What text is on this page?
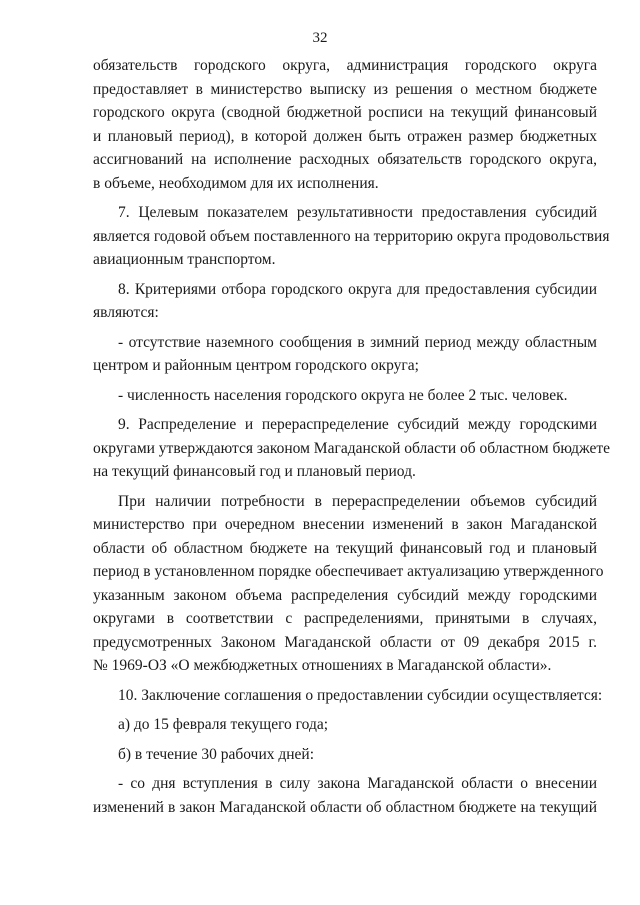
32
обязательств городского округа, администрация городского округа
предоставляет в министерство выписку из решения о местном бюджете
городского округа (сводной бюджетной росписи на текущий финансовый
и плановый период), в которой должен быть отражен размер бюджетных
ассигнований на исполнение расходных обязательств городского округа,
в объеме, необходимом для их исполнения.
7. Целевым показателем результативности предоставления субсидий
является годовой объем поставленного на территорию округа продовольствия
авиационным транспортом.
8. Критериями отбора городского округа для предоставления субсидии
являются:
- отсутствие наземного сообщения в зимний период между областным
центром и районным центром городского округа;
- численность населения городского округа не более 2 тыс. человек.
9. Распределение и перераспределение субсидий между городскими
округами утверждаются законом Магаданской области об областном бюджете
на текущий финансовый год и плановый период.
При наличии потребности в перераспределении объемов субсидий
министерство при очередном внесении изменений в закон Магаданской
области об областном бюджете на текущий финансовый год и плановый
период в установленном порядке обеспечивает актуализацию утвержденного
указанным законом объема распределения субсидий между городскими
округами в соответствии с распределениями, принятыми в случаях,
предусмотренных Законом Магаданской области от 09 декабря 2015 г.
№ 1969-ОЗ «О межбюджетных отношениях в Магаданской области».
10. Заключение соглашения о предоставлении субсидии осуществляется:
а) до 15 февраля текущего года;
б) в течение 30 рабочих дней:
- со дня вступления в силу закона Магаданской области о внесении
изменений в закон Магаданской области об областном бюджете на текущий
